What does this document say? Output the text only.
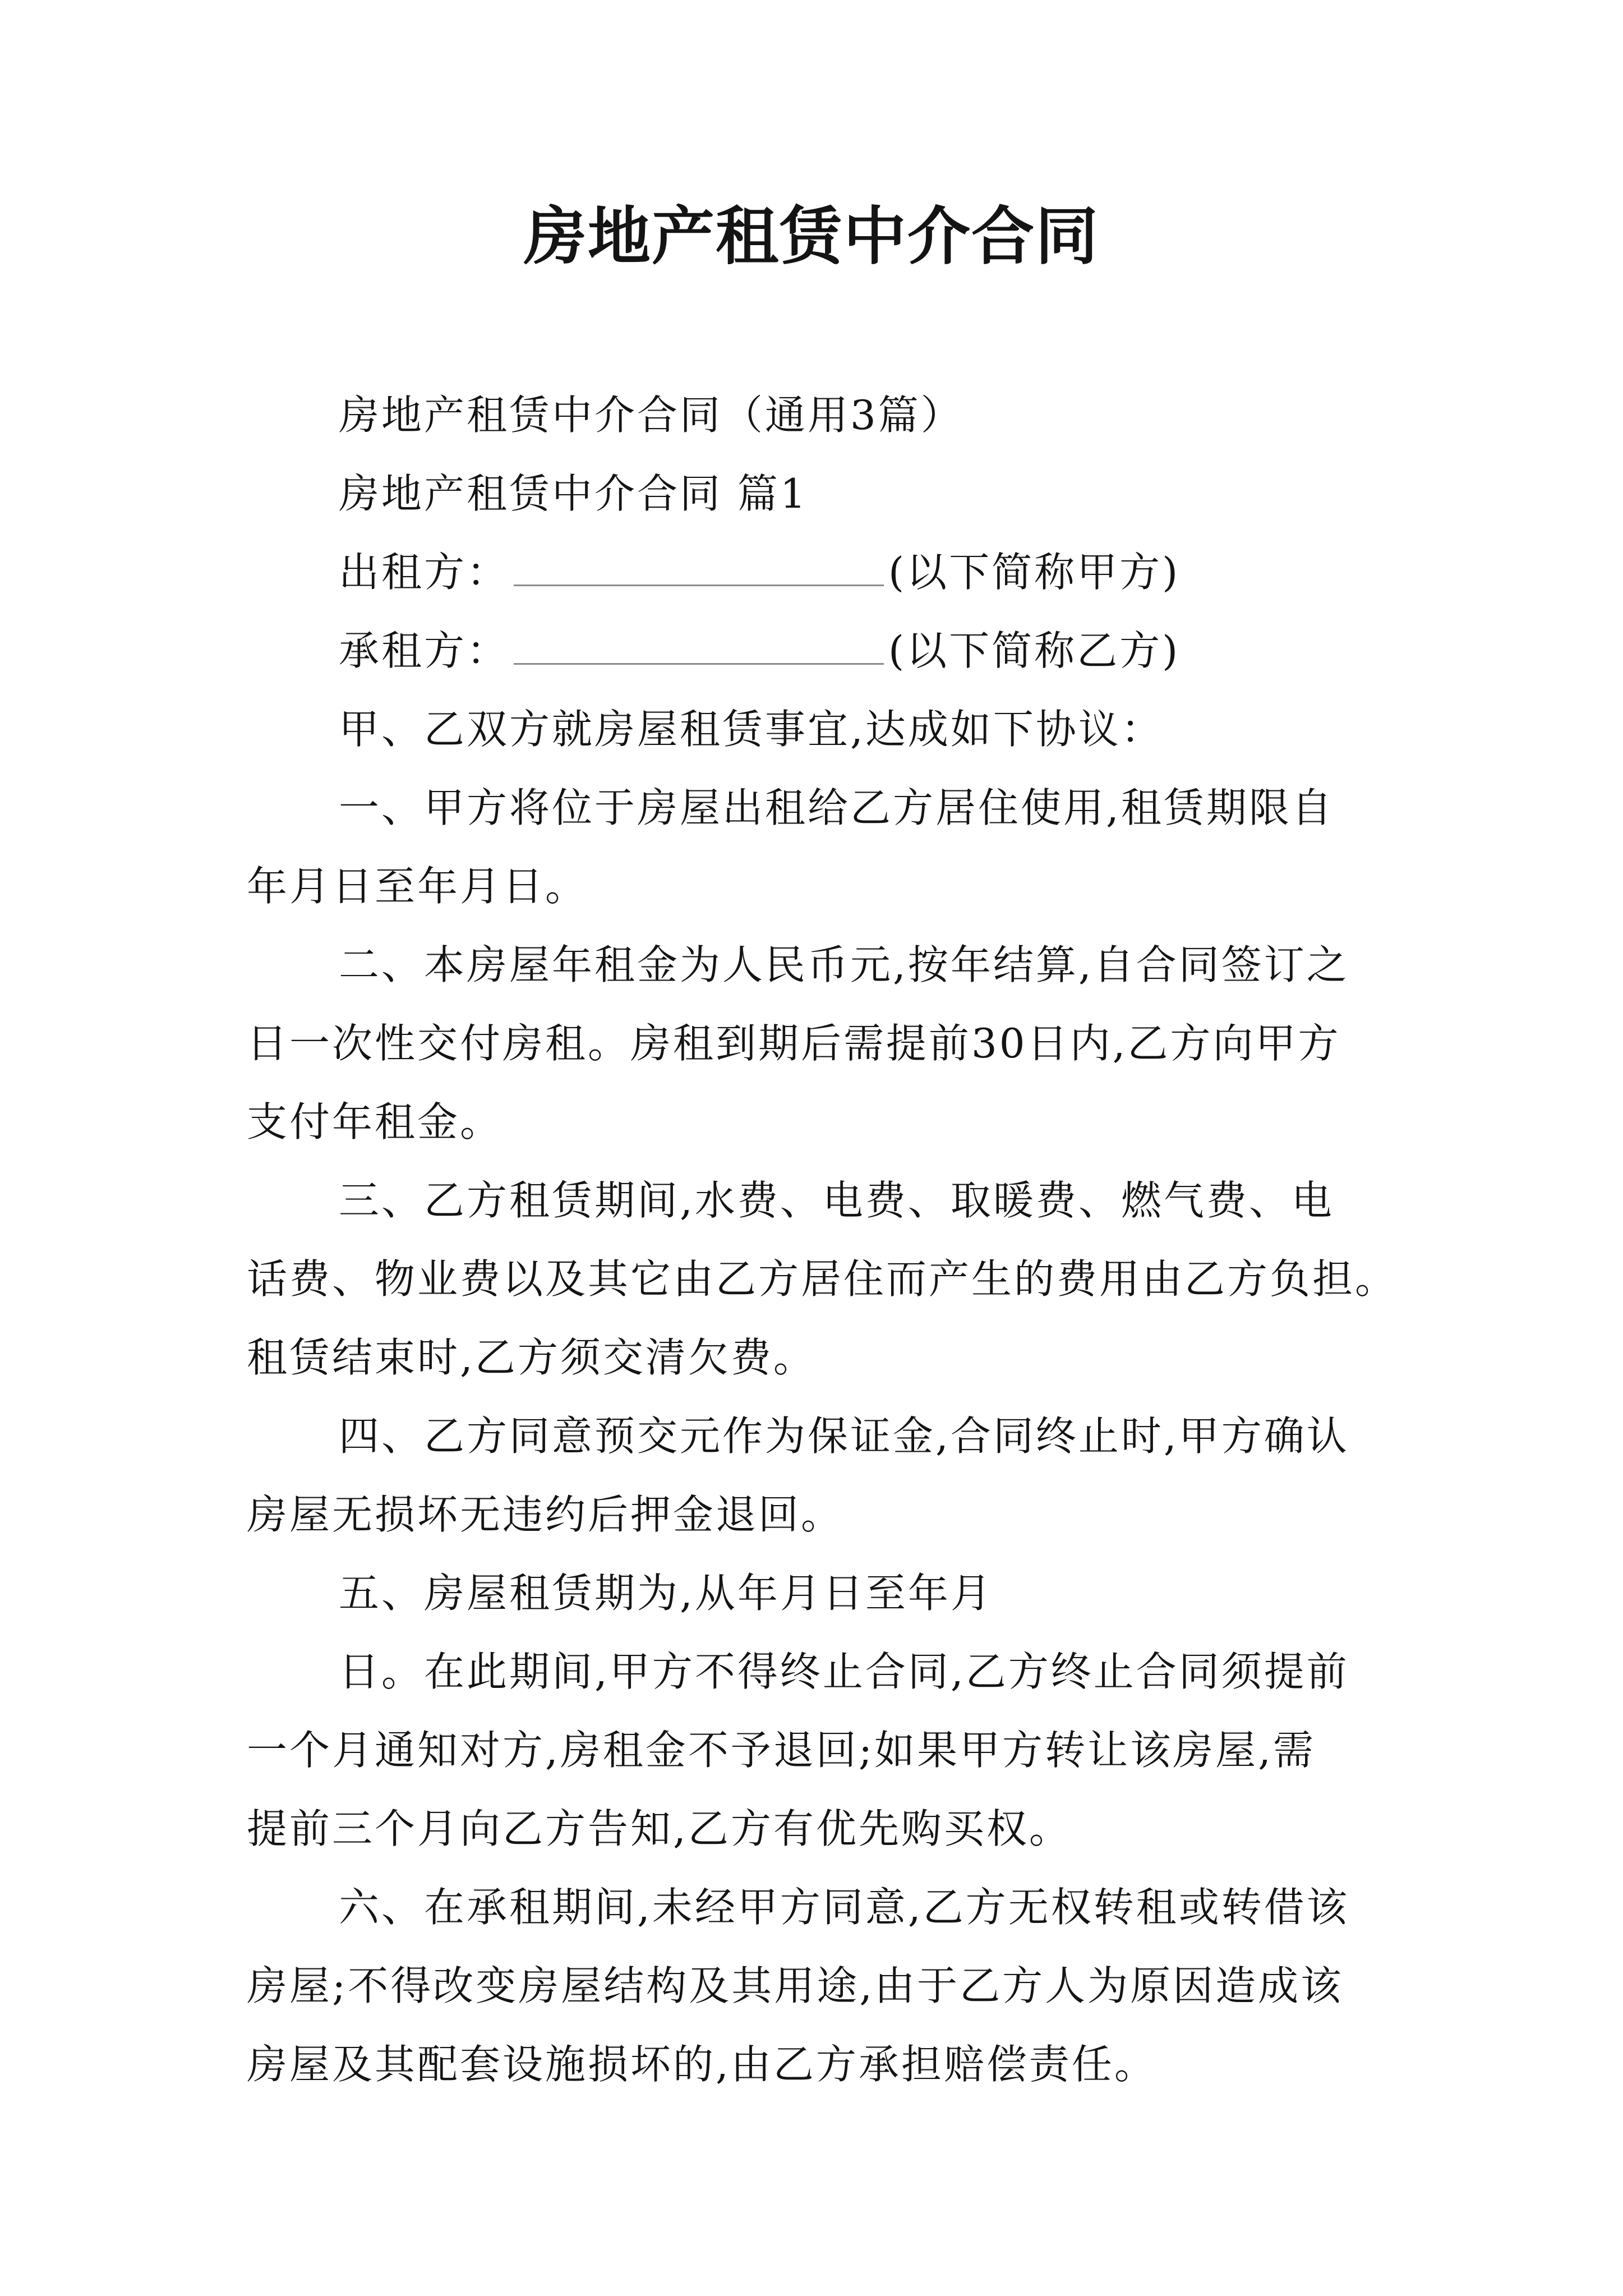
房地产租赁中介合同
房地产租赁中介合同（通用3篇）
房地产租赁中介合同 篇1
出租方：	(以下简称甲方)
承租方：	(以下简称乙方)
甲、乙双方就房屋租赁事宜,达成如下协议：
一、甲方将位于房屋出租给乙方居住使用,租赁期限自
年月日至年月日。
二、本房屋年租金为人民币元,按年结算,自合同签订之
日一次性交付房租。房租到期后需提前30日内,乙方向甲方
支付年租金。
三、乙方租赁期间,水费、电费、取暖费、燃气费、电
话费、物业费以及其它由乙方居住而产生的费用由乙方负担。
租赁结束时,乙方须交清欠费。
四、乙方同意预交元作为保证金,合同终止时,甲方确认
房屋无损坏无违约后押金退回。
五、房屋租赁期为,从年月日至年月
日。在此期间,甲方不得终止合同,乙方终止合同须提前
一个月通知对方,房租金不予退回;如果甲方转让该房屋,需
提前三个月向乙方告知,乙方有优先购买权。
六、在承租期间,未经甲方同意,乙方无权转租或转借该
房屋;不得改变房屋结构及其用途,由于乙方人为原因造成该
房屋及其配套设施损坏的,由乙方承担赔偿责任。
